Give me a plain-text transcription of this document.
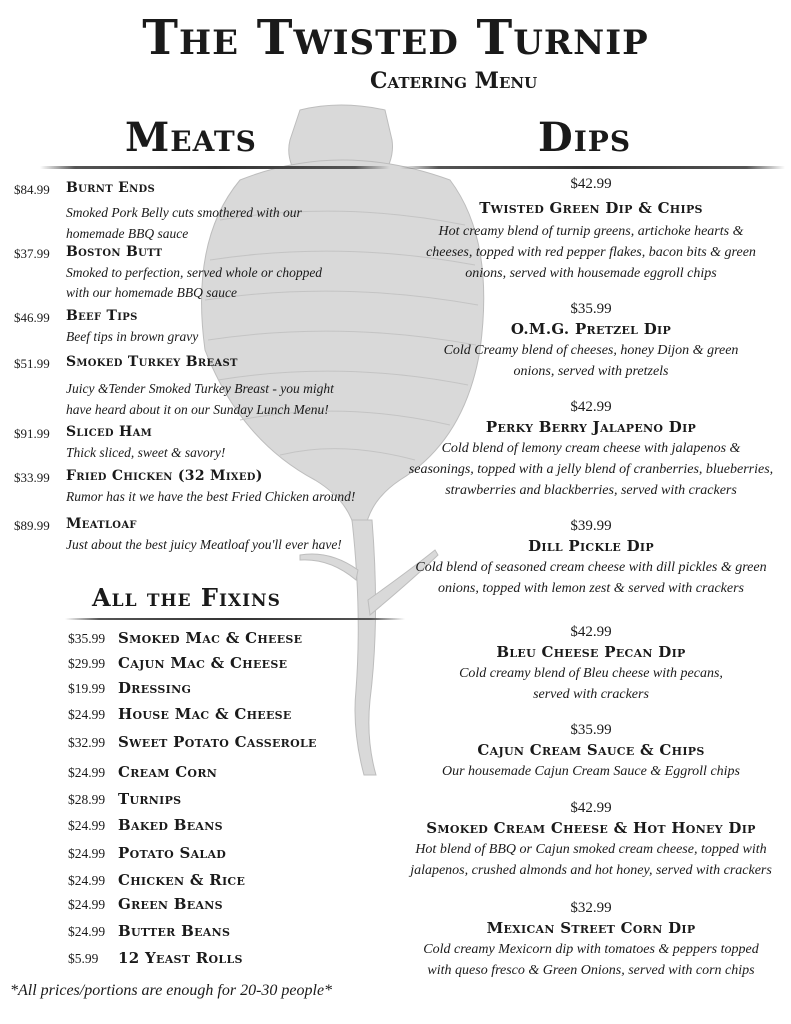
The Twisted Turnip
Catering Menu
Meats	Dips
$84.99 Burnt Ends
Smoked Pork Belly cuts smothered with our
homemade BBQ sauce
$37.99 Boston Butt
Smoked to perfection, served whole or chopped
with our homemade BBQ sauce
$46.99 Beef Tips
Beef tips in brown gravy
$51.99 Smoked Turkey Breast
Juicy &Tender Smoked Turkey Breast - you might
have heard about it on our Sunday Lunch Menu!
$91.99 Sliced Ham
Thick sliced, sweet & savory!
$33.99 Fried Chicken (32 Mixed)
Rumor has it we have the best Fried Chicken around!
$89.99 Meatloaf
Just about the best juicy Meatloaf you'll ever have!
All the Fixins
$35.99 Smoked Mac & Cheese
$29.99 Cajun Mac & Cheese
$19.99 Dressing
$24.99 House Mac & Cheese
$32.99 Sweet Potato Casserole
$24.99 Cream Corn
$28.99 Turnips
$24.99 Baked Beans
$24.99 Potato Salad
$24.99 Chicken & Rice
$24.99 Green Beans
$24.99 Butter Beans
$5.99 12 Yeast Rolls
*All prices/portions are enough for 20-30 people*
$42.99
Twisted Green Dip & Chips
Hot creamy blend of turnip greens, artichoke hearts &
cheeses, topped with red pepper flakes, bacon bits & green
onions, served with housemade eggroll chips
$35.99
O.M.G. Pretzel Dip
Cold Creamy blend of cheeses, honey Dijon & green
onions, served with pretzels
$42.99
Perky Berry Jalapeno Dip
Cold blend of lemony cream cheese with jalapenos &
seasonings, topped with a jelly blend of cranberries, blueberries,
strawberries and blackberries, served with crackers
$39.99
Dill Pickle Dip
Cold blend of seasoned cream cheese with dill pickles & green
onions, topped with lemon zest & served with crackers
$42.99
Bleu Cheese Pecan Dip
Cold creamy blend of Bleu cheese with pecans,
served with crackers
$35.99
Cajun Cream Sauce & Chips
Our housemade Cajun Cream Sauce & Eggroll chips
$42.99
Smoked Cream Cheese & Hot Honey Dip
Hot blend of BBQ or Cajun smoked cream cheese, topped with
jalapenos, crushed almonds and hot honey, served with crackers
$32.99
Mexican Street Corn Dip
Cold creamy Mexicorn dip with tomatoes & peppers topped
with queso fresco & Green Onions, served with corn chips
